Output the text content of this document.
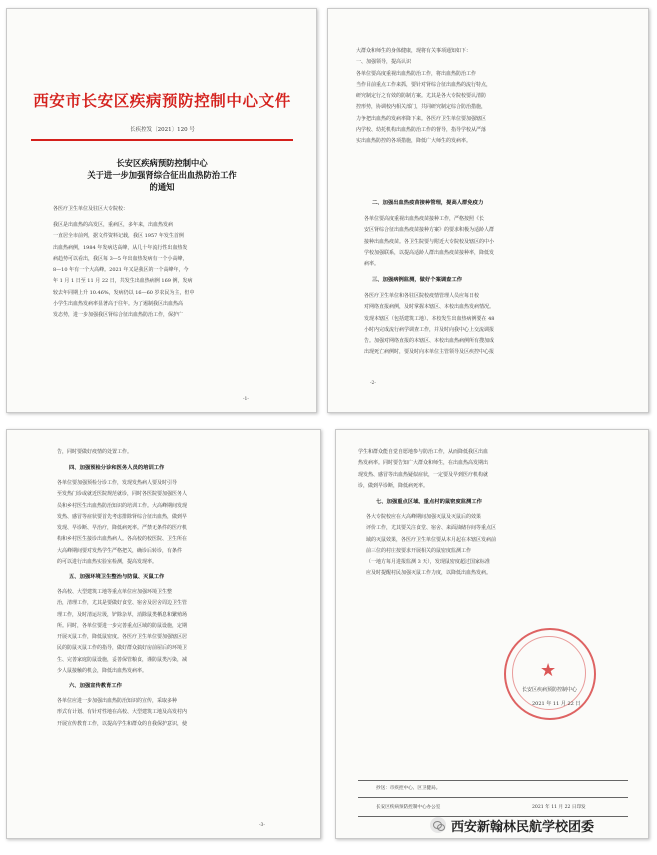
西安市长安区疾病预防控制中心文件
长疾控发〔2021〕120 号
长安区疾病预防控制中心
关于进一步加强肾综合征出血热防治工作
的通知
各医疗卫生单位及驻区大专院校：

我区是出血热的高发区，重病区，多年来，出血热发病

一直居全市前列，据文件资料记载，我区 1957 年发生首例

出血热病例，1984 年发病达高峰，从几十年流行性出血热发

病趋势可以看出，我区每 3—5 年出血热发病有一个小高峰，

8—10 年有一个大高峰。2021 年又是我区的一个高峰年，今

年 1 月 1 日至 11 月 22 日，共发生出血热病例 169 例，发病

较去年同期上升 10.46%，发病仍以 16—60 岁农民为主，但中

小学生出血热发病率显著高于往年。为了遏制我区出血热高

发态势，进一步加强我区肾综合征出血热防治工作，保护广

-1-

大群众和师生的身体健康，现将有关事项通知如下：

一、加强领导，提高认识

各单位要高度重视出血热防治工作，将出血热防治工作

当作目前重点工作来抓，要针对肾综合征出血热的流行特点，

研究制定行之有效的防制方案。尤其是各大专院校要认清防

控形势，协调校内相关部门，共同研究制定综合防治措施，

力争把出血热的发病率降下来。各医疗卫生单位要加强辖区

内学校、幼托机构出血热防治工作的督导，指导学校从严落

实出血热防控的各项措施，降低广大师生的发病率。

二、加强出血热疫苗接种管理，提高人群免疫力

各单位要高度重视出血热疫苗接种工作，严格按照《长

安区肾综合征出血热疫苗接种方案》的要求积极为适龄人群

接种出血热疫苗。各卫生院要与附近大专院校及辖区的中小

学校加强联系，以提高适龄人群出血热疫苗接种率，降低发

病率。

三、加强病例监测，做好个案调查工作

各医疗卫生单位和各驻区院校疫情管理人员应每日校

对网络直报病例，及时掌握本辖区、本校出血热发病情况。

发现本辖区（包括建筑工地）、本校发生出血热病例要在 48

小时内完成流行病学调查工作，并及时向我中心上交流调报

告。加强对网络直报的本辖区、本校出血热病例所有搜加成

出现死亡病例时，要及时向本单位主管领导及区疾控中心报

-2-
告，同时要做好疫情的处置工作。
四、加强预检分诊和医务人员的培训工作

各单位要加强预检分诊工作，发现发热病人要及时引导

至发热门诊或就近医院规范就诊，同时各医院要加强医务人

员和乡村医生出血热防治知识的培训工作。大高峰期间发现

发热、感冒等症状要首先考虑排除肾综合征出血热，做到早

发现、早诊断、早治疗，降低病死率。严禁无条件的医疗机

构和乡村医生接诊出血热病人。各高校的校医院、卫生所在

大高峰期间要对发热学生严格把关，确诊后转诊，有条件

的可以进行出血热实验室检测，提高发现率。

五、加强环境卫生整治与防鼠、灭鼠工作

各高校、大型建筑工地等重点单位应加强环境卫生整

治，清理工作，尤其是要做好食堂、宿舍及居舍周边卫生管

理工作，及时清运垃圾，铲除杂草，消除鼠类栖息和繁殖场

所。同时，各单位要进一步完善重点区域的防鼠设施，定期

开展灭鼠工作，降低鼠密度。各医疗卫生单位要加强辖区居

民的防鼠灭鼠工作的指导，做好群众搞好房前屋后的环境卫

生、完善家庭防鼠设施，妥善保管粮食，谨防鼠类污染，减

少人鼠接触的机会，降低出血热发病率。

六、加强宣传教育工作

各单位应进一步加强出血热防治知识的宣传，采取多种

形式有计划、有针对性地在高校、大型建筑工地及高发村内

开展宣传教育工作，以提高学生和群众的自我保护意识，使

-3-

学生和群众能自觉自愿地参与防治工作，从而降低我区出血

热发病率。同时要告知广大群众和师生，在出血热高发期出

现发热、感冒等出血热疑似症状，一定要及早到医疗机构就

诊，做到早诊断，降低病死率。

七、加强重点区域、重点村的鼠密度监测工作

各大专院校应在大高峰期间加强灭鼠及灭鼠后的效果

评价工作，尤其要关注食堂、宿舍、来面油储存间等重点区

域的灭鼠效果，各医疗卫生单位要从本月起在本辖区发病前

前三位的村庄按要求开展相关的鼠密度监测工作

（一地方每月进报监测 3 天），发现鼠密度超过国家标准

应及时提醒村民加强灭鼠工作力度，以降低出血热发病。

★
长安区疾病预防控制中心
2021 年 11 月 22 日
抄送：市疾控中心、区卫健局。
长安区疾病预防控制中心办公室	2021 年 11 月 22 日印发
西安新翰林民航学校团委
